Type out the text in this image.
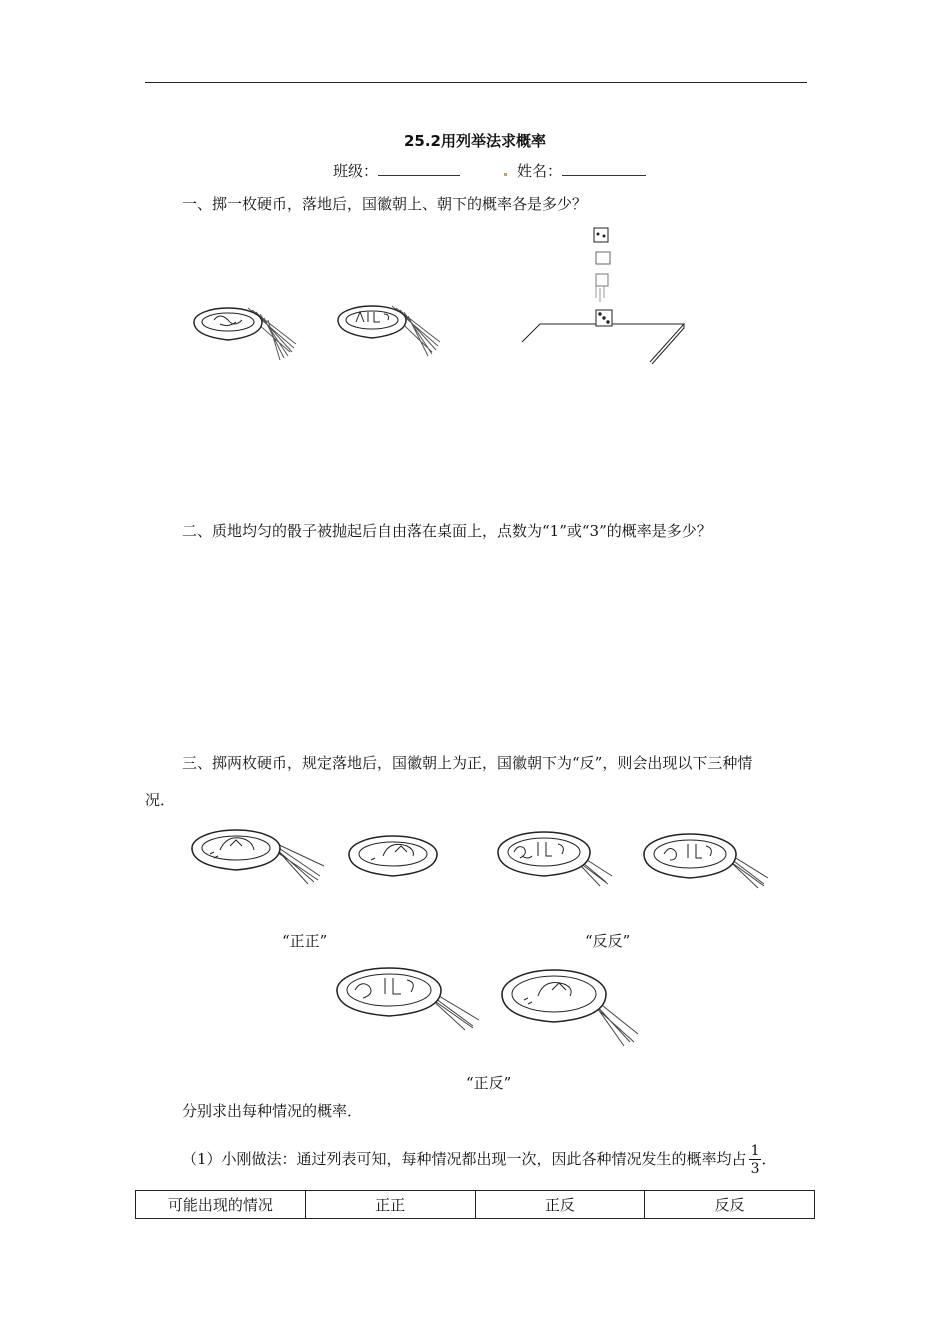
25.2用列举法求概率
班级：	姓名：
一、掷一枚硬币，落地后，国徽朝上、朝下的概率各是多少？
二、质地均匀的骰子被抛起后自由落在桌面上，点数为“1”或“3”的概率是多少？
三、掷两枚硬币，规定落地后，国徽朝上为正，国徽朝下为“反”，则会出现以下三种情
况．
“正正”	“反反”
“正反”
分别求出每种情况的概率．
（1）小刚做法：通过列表可知，每种情况都出现一次，因此各种情况发生的概率均占 $\frac{1}{3}$ ．
可能出现的情况	正正	正反	反反
